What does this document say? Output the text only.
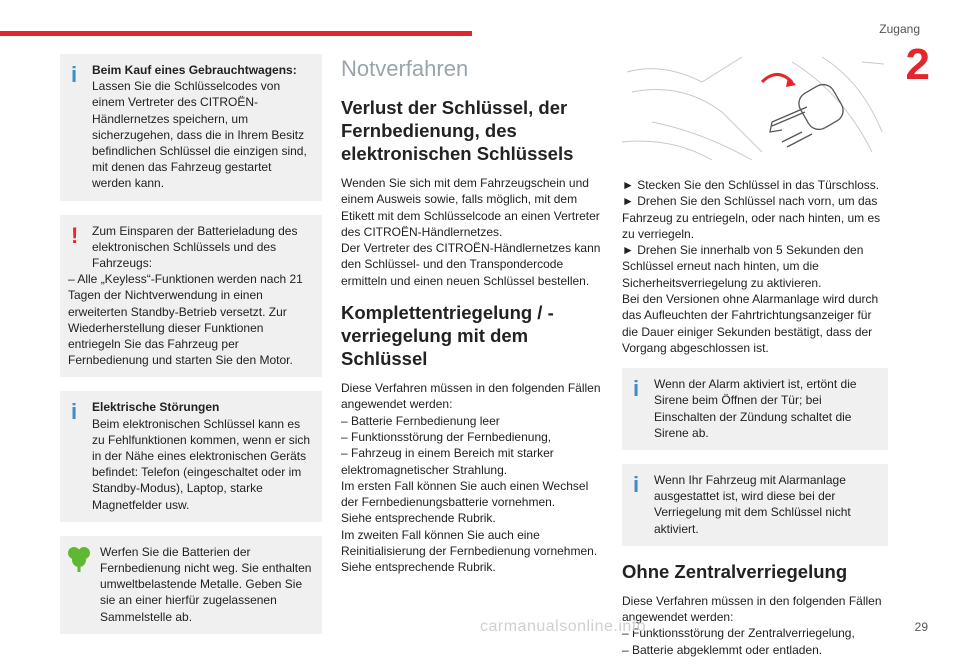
Zugang
2
i	Beim Kauf eines Gebrauchtwagens:

Lassen Sie die Schlüsselcodes von einem Vertreter des CITROËN-Händlernetzes speichern, um sicherzugehen, dass die in Ihrem Besitz befindlichen Schlüssel die einzigen sind, mit denen das Fahrzeug gestartet werden kann.

!	Zum Einsparen der Batterieladung des elektronischen Schlüssels und des Fahrzeugs:

– Alle „Keyless“-Funktionen werden nach 21 Tagen der Nichtverwendung in einen erweiterten Standby-Betrieb versetzt. Zur Wiederherstellung dieser Funktionen entriegeln Sie das Fahrzeug per Fernbedienung und starten Sie den Motor.

i	Elektrische Störungen

Beim elektronischen Schlüssel kann es zu Fehlfunktionen kommen, wenn er sich in der Nähe eines elektronischen Geräts befindet: Telefon (eingeschaltet oder im Standby-Modus), Laptop, starke Magnetfelder usw.

Werfen Sie die Batterien der Fernbedienung nicht weg. Sie enthalten umweltbelastende Metalle. Geben Sie sie an einer hierfür zugelassenen Sammelstelle ab.

Notverfahren
Verlust der Schlüssel, der Fernbedienung, des elektronischen Schlüssels

Wenden Sie sich mit dem Fahrzeugschein und einem Ausweis sowie, falls möglich, mit dem Etikett mit dem Schlüsselcode an einen Vertreter des CITROËN-Händlernetzes.

Der Vertreter des CITROËN-Händlernetzes kann den Schlüssel- und den Transpondercode ermitteln und einen neuen Schlüssel bestellen.

Komplettentriegelung / -verriegelung mit dem Schlüssel

Diese Verfahren müssen in den folgenden Fällen angewendet werden:

– Batterie Fernbedienung leer

– Funktionsstörung der Fernbedienung,

– Fahrzeug in einem Bereich mit starker elektromagnetischer Strahlung.

Im ersten Fall können Sie auch einen Wechsel der Fernbedienungsbatterie vornehmen.

Siehe entsprechende Rubrik.

Im zweiten Fall können Sie auch eine Reinitialisierung der Fernbedienung vornehmen.

Siehe entsprechende Rubrik.

► Stecken Sie den Schlüssel in das Türschloss.

► Drehen Sie den Schlüssel nach vorn, um das Fahrzeug zu entriegeln, oder nach hinten, um es zu verriegeln.

► Drehen Sie innerhalb von 5 Sekunden den Schlüssel erneut nach hinten, um die Sicherheitsverriegelung zu aktivieren.

Bei den Versionen ohne Alarmanlage wird durch das Aufleuchten der Fahrtrichtungsanzeiger für die Dauer einiger Sekunden bestätigt, dass der Vorgang abgeschlossen ist.

i	Wenn der Alarm aktiviert ist, ertönt die Sirene beim Öffnen der Tür; bei Einschalten der Zündung schaltet die Sirene ab.

i	Wenn Ihr Fahrzeug mit Alarmanlage ausgestattet ist, wird diese bei der Verriegelung mit dem Schlüssel nicht aktiviert.

Ohne Zentralverriegelung

Diese Verfahren müssen in den folgenden Fällen angewendet werden:

– Funktionsstörung der Zentralverriegelung,

– Batterie abgeklemmt oder entladen.

carmanualsonline.info	29
